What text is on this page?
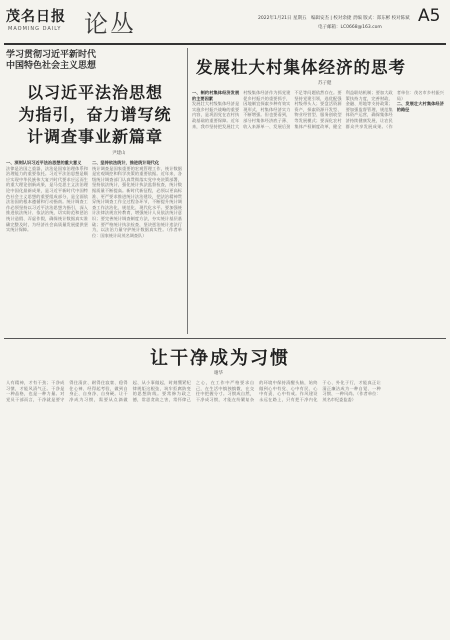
茂名日报
MAOMING DAILY 论丛	2022年1月21日 星期五　编辑安杰 | 校对余捷 责编 版式：郑东彬 校对陈斌
电子邮箱：LC0668@163.com
A5
学习贯彻习近平新时代
中国特色社会主义思想
以习近平法治思想
为指引，奋力谱写统
计调查事业新篇章
尹建山
一、深刻认识习近平法治思想的重大意义
法律是治国之重器，法治是国家治理体系和治理能力的重要依托。习近平法治思想是顺应实现中华民族伟大复兴时代要求应运而生的重大理论创新成果，是马克思主义法治理论中国化最新成果，是习近平新时代中国特色社会主义思想的重要组成部分，是全面依法治国的根本遵循和行动指南。统计调查工作必须坚持以习近平法治思想为指引，深入推进依法统计、依法治统，切实防范和惩治统计造假、弄虚作假，确保统计数据真实准确完整及时，为经济社会高质量发展提供坚实统计保障。
二、坚持依法统计，推进统计现代化
统计调查是国家重要的宏观管理工作，统计数据是宏观调控和科学决策的重要依据。近年来，各级统计调查部门认真贯彻落实党中央决策部署，坚持依法统计，强化统计执法监督检查，统计数据质量不断提高。新时代新征程，必须以更高标准、更严要求推进统计法治建设，把法治精神贯穿统计调查工作全过程各环节，不断提升统计调查工作法治化、规范化、现代化水平。要加强统计法律法规宣传教育，增强统计人员依法统计意识；要完善统计调查制度方法，夯实统计基层基础；要严格统计执法检查，坚决惩治统计违法行为，以法治力量守护统计数据真实性。（作者单位：国家统计局茂名调查队）
发展壮大村集体经济的思考
苏子健
一、制约村集体经济发展的主要因素
发展壮大村级集体经济是实施乡村振兴战略的重要内容，是巩固党在农村执政基础的重要保障。近年来，我市坚持把发展壮大村级集体经济作为抓党建促乡村振兴的重要抓手，因地制宜探索多种有效实现形式，村集体经济实力不断增强。但也要看到，部分村集体经济底子薄、收入来源单一、发展后劲不足等问题依然存在。要坚持党建引领，选优配强村级带头人；要盘活资源资产，探索资源开发型、物业经营型、服务创收型等发展模式；要深化农村集体产权制度改革，健全利益联结机制；要加大政策扶持力度，完善财政、金融、用地等支持政策；要加强监督管理，规范集体资产运营，确保集体经济持续健康发展，让农民群众共享发展成果。（作者单位：茂名市乡村振兴局）
二、发展壮大村集体经济的路径
让干净成为习惯
谢华
人有精神，才有干劲；干净成习惯，才能风清气正。干净是一种品格，也是一种力量。对党员干部而言，干净就是要守得住清贫、耐得住寂寞、稳得住心神、经得起考验，做到自身正、自身净、自身硬。让干净成为习惯，需要从点滴做起、从小事做起，时刻绷紧纪律规矩这根弦，筑牢拒腐防变的思想防线。要常修为政之德，常思贪欲之害，常怀律己之心，在工作中严格要求自己，在生活中慎独慎微，在交往中把握分寸。习惯成自然，干净成习惯，才能在纷繁复杂的环境中保持清醒头脑，始终做到心中有党、心中有民、心中有责、心中有戒。作风建设永远在路上，只有把干净内化于心、外化于行，才能真正让清正廉洁成为一种自觉、一种习惯、一种风尚。（作者单位：茂名市纪委监委）
